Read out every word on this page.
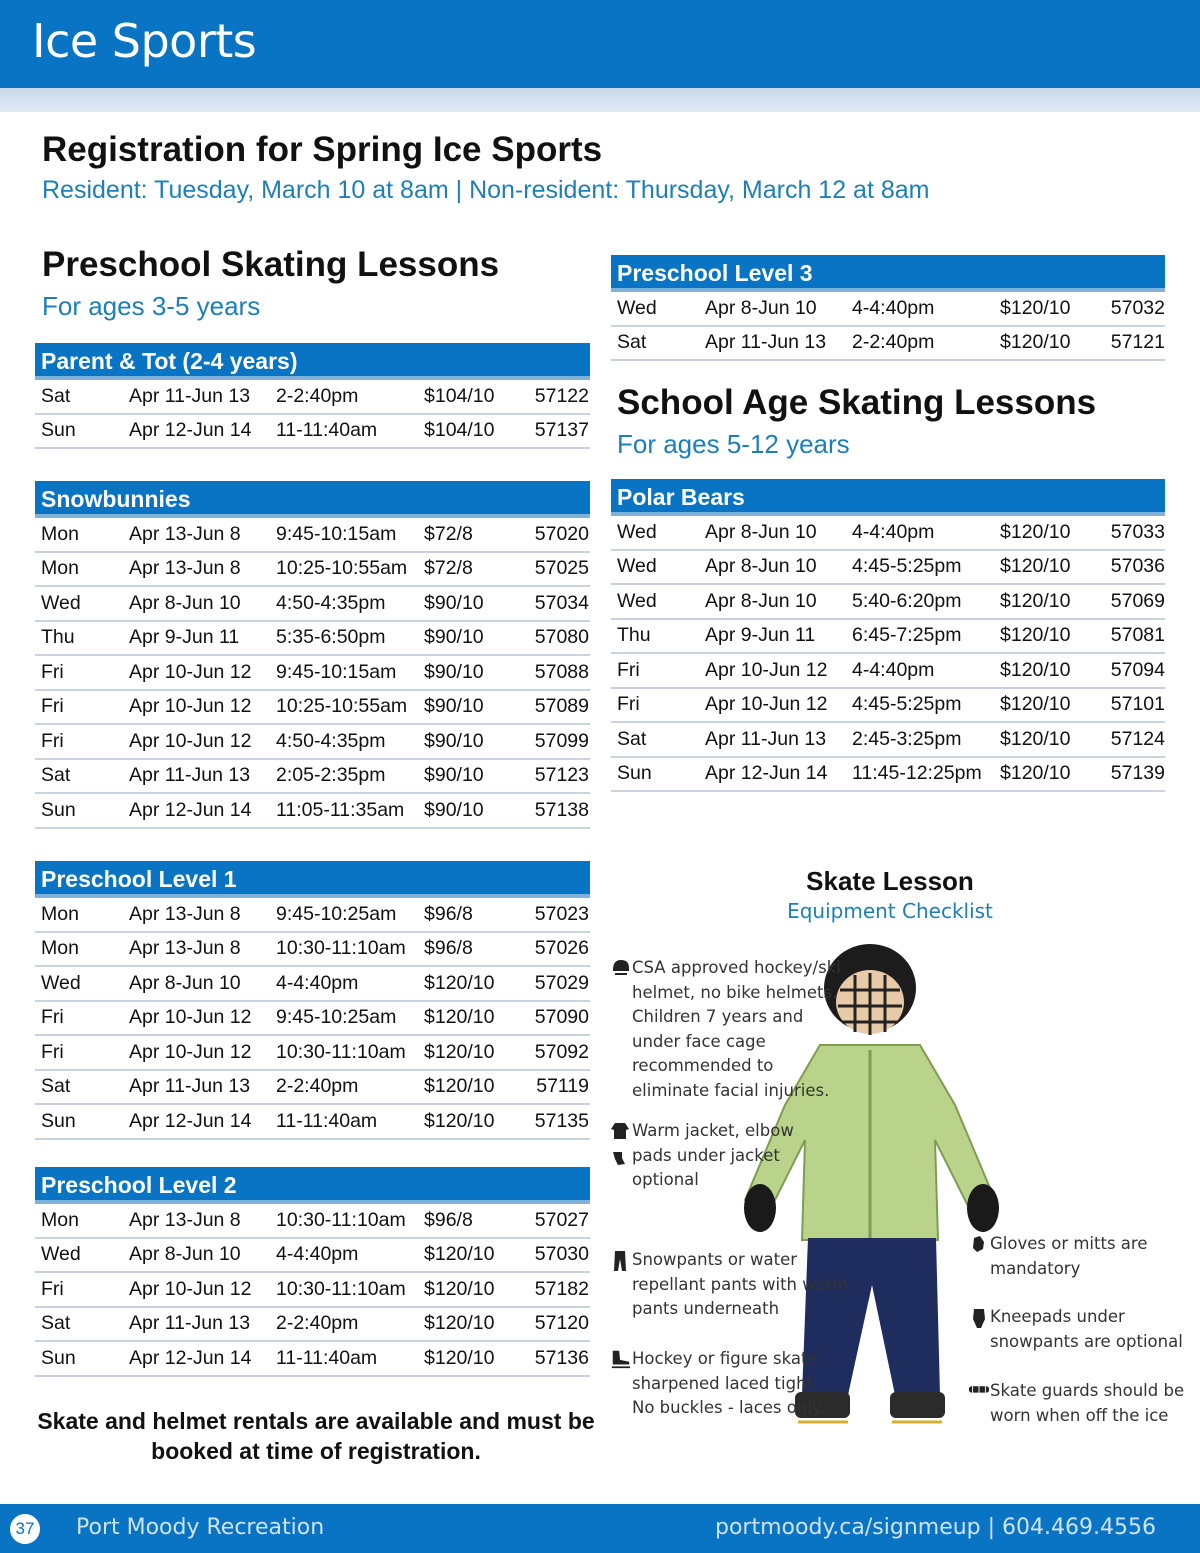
Ice Sports
Registration for Spring Ice Sports
Resident: Tuesday, March 10 at 8am | Non-resident: Thursday, March 12 at 8am
Preschool Skating Lessons
For ages 3-5 years
Parent & Tot (2-4 years)
Sat	Apr 11-Jun 13	2-2:40pm	$104/10	57122
Sun	Apr 12-Jun 14	11-11:40am	$104/10	57137
Snowbunnies
Mon	Apr 13-Jun 8	9:45-10:15am	$72/8	57020
Mon	Apr 13-Jun 8	10:25-10:55am $72/8	57025
Wed	Apr 8-Jun 10	4:50-4:35pm	$90/10	57034
Thu	Apr 9-Jun 11	5:35-6:50pm	$90/10	57080
Fri	Apr 10-Jun 12	9:45-10:15am	$90/10	57088
Fri	Apr 10-Jun 12	10:25-10:55am $90/10	57089
Fri	Apr 10-Jun 12	4:50-4:35pm	$90/10	57099
Sat	Apr 11-Jun 13	2:05-2:35pm	$90/10	57123
Sun	Apr 12-Jun 14	11:05-11:35am	$90/10	57138
Preschool Level 1
Mon	Apr 13-Jun 8	9:45-10:25am	$96/8	57023
Mon	Apr 13-Jun 8	10:30-11:10am $96/8	57026
Wed	Apr 8-Jun 10	4-4:40pm	$120/10	57029
Fri	Apr 10-Jun 12	9:45-10:25am	$120/10	57090
Fri	Apr 10-Jun 12	10:30-11:10am $120/10	57092
Sat	Apr 11-Jun 13	2-2:40pm	$120/10	57119
Sun	Apr 12-Jun 14	11-11:40am	$120/10	57135
Preschool Level 2
Mon	Apr 13-Jun 8	10:30-11:10am $96/8	57027
Wed	Apr 8-Jun 10	4-4:40pm	$120/10	57030
Fri	Apr 10-Jun 12	10:30-11:10am $120/10	57182
Sat	Apr 11-Jun 13	2-2:40pm	$120/10	57120
Sun	Apr 12-Jun 14	11-11:40am	$120/10	57136
Preschool Level 3
Wed	Apr 8-Jun 10	4-4:40pm	$120/10	57032
Sat	Apr 11-Jun 13	2-2:40pm	$120/10	57121
School Age Skating Lessons
For ages 5-12 years
Polar Bears
Wed	Apr 8-Jun 10	4-4:40pm	$120/10	57033
Wed	Apr 8-Jun 10	4:45-5:25pm	$120/10	57036
Wed	Apr 8-Jun 10	5:40-6:20pm	$120/10	57069
Thu	Apr 9-Jun 11	6:45-7:25pm	$120/10	57081
Fri	Apr 10-Jun 12	4-4:40pm	$120/10	57094
Fri	Apr 10-Jun 12	4:45-5:25pm	$120/10	57101
Sat	Apr 11-Jun 13	2:45-3:25pm	$120/10	57124
Sun	Apr 12-Jun 14	11:45-12:25pm $120/10	57139
Skate and helmet rentals are available and must be booked at time of registration.
Skate Lesson
Equipment Checklist
CSA approved hockey/ski
helmet, no bike helmets.
Children 7 years and
under face cage
recommended to
eliminate facial injuries.
Warm jacket, elbow
pads under jacket
optional
Snowpants or water
repellant pants with warm
pants underneath
Hockey or figure skate
sharpened laced tight.
No buckles - laces only.
Gloves or mitts are
mandatory
Kneepads under
snowpants are optional
Skate guards should be
worn when off the ice
37 Port Moody Recreation	portmoody.ca/signmeup | 604.469.4556
